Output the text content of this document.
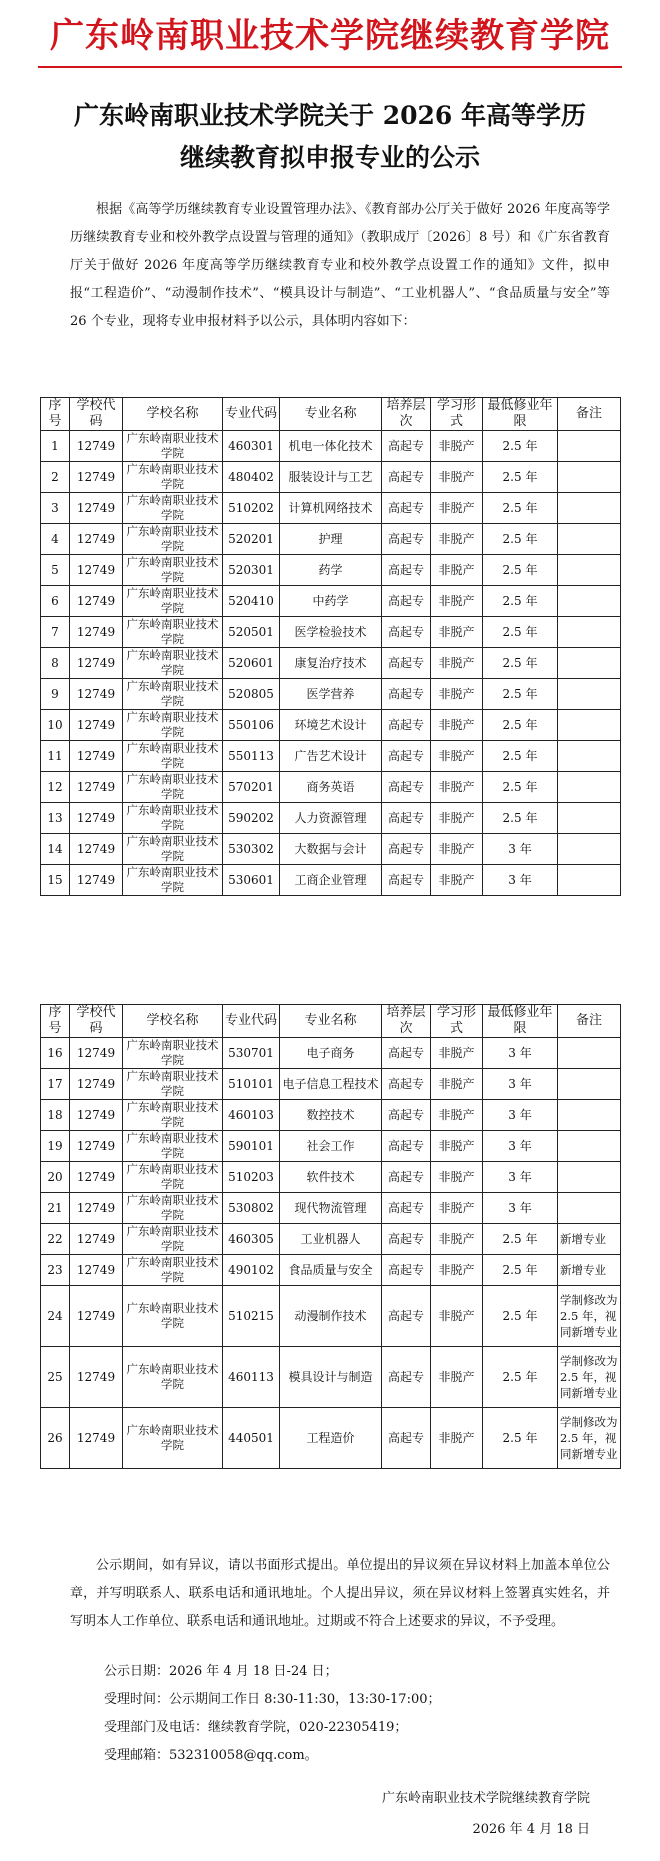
广东岭南职业技术学院继续教育学院
广东岭南职业技术学院关于 2026 年高等学历
继续教育拟申报专业的公示
根据《高等学历继续教育专业设置管理办法》、《教育部办公厅关于做好 2026 年度高等学历继续教育专业和校外教学点设置与管理的通知》（教职成厅〔2026〕8 号）和《广东省教育厅关于做好 2026 年度高等学历继续教育专业和校外教学点设置工作的通知》文件，拟申报“工程造价”、“动漫制作技术”、“模具设计与制造”、“工业机器人”、“食品质量与安全”等 26 个专业，现将专业申报材料予以公示，具体明内容如下：
序号	学校代码	学校名称	专业代码	专业名称	培养层次	学习形式	最低修业年限	备注
1	12749	广东岭南职业技术学院	460301	机电一体化技术	高起专	非脱产	2.5 年	
2	12749	广东岭南职业技术学院	480402	服装设计与工艺	高起专	非脱产	2.5 年	
3	12749	广东岭南职业技术学院	510202	计算机网络技术	高起专	非脱产	2.5 年	
4	12749	广东岭南职业技术学院	520201	护理	高起专	非脱产	2.5 年	
5	12749	广东岭南职业技术学院	520301	药学	高起专	非脱产	2.5 年	
6	12749	广东岭南职业技术学院	520410	中药学	高起专	非脱产	2.5 年	
7	12749	广东岭南职业技术学院	520501	医学检验技术	高起专	非脱产	2.5 年	
8	12749	广东岭南职业技术学院	520601	康复治疗技术	高起专	非脱产	2.5 年	
9	12749	广东岭南职业技术学院	520805	医学营养	高起专	非脱产	2.5 年	
10	12749	广东岭南职业技术学院	550106	环境艺术设计	高起专	非脱产	2.5 年	
11	12749	广东岭南职业技术学院	550113	广告艺术设计	高起专	非脱产	2.5 年	
12	12749	广东岭南职业技术学院	570201	商务英语	高起专	非脱产	2.5 年	
13	12749	广东岭南职业技术学院	590202	人力资源管理	高起专	非脱产	2.5 年	
14	12749	广东岭南职业技术学院	530302	大数据与会计	高起专	非脱产	3 年	
15	12749	广东岭南职业技术学院	530601	工商企业管理	高起专	非脱产	3 年	
序号	学校代码	学校名称	专业代码	专业名称	培养层次	学习形式	最低修业年限	备注
16	12749	广东岭南职业技术学院	530701	电子商务	高起专	非脱产	3 年	
17	12749	广东岭南职业技术学院	510101	电子信息工程技术	高起专	非脱产	3 年	
18	12749	广东岭南职业技术学院	460103	数控技术	高起专	非脱产	3 年	
19	12749	广东岭南职业技术学院	590101	社会工作	高起专	非脱产	3 年	
20	12749	广东岭南职业技术学院	510203	软件技术	高起专	非脱产	3 年	
21	12749	广东岭南职业技术学院	530802	现代物流管理	高起专	非脱产	3 年	
22	12749	广东岭南职业技术学院	460305	工业机器人	高起专	非脱产	2.5 年	新增专业
23	12749	广东岭南职业技术学院	490102	食品质量与安全	高起专	非脱产	2.5 年	新增专业
24	12749	广东岭南职业技术学院	510215	动漫制作技术	高起专	非脱产	2.5 年	学制修改为 2.5 年，视同新增专业
25	12749	广东岭南职业技术学院	460113	模具设计与制造	高起专	非脱产	2.5 年	学制修改为 2.5 年，视同新增专业
26	12749	广东岭南职业技术学院	440501	工程造价	高起专	非脱产	2.5 年	学制修改为 2.5 年，视同新增专业
公示期间，如有异议，请以书面形式提出。单位提出的异议须在异议材料上加盖本单位公章，并写明联系人、联系电话和通讯地址。个人提出异议，须在异议材料上签署真实姓名，并写明本人工作单位、联系电话和通讯地址。过期或不符合上述要求的异议，不予受理。
公示日期：2026 年 4 月 18 日-24 日；
受理时间：公示期间工作日 8:30-11:30，13:30-17:00；
受理部门及电话：继续教育学院，020-22305419；
受理邮箱：532310058@qq.com。
广东岭南职业技术学院继续教育学院
2026 年 4 月 18 日
